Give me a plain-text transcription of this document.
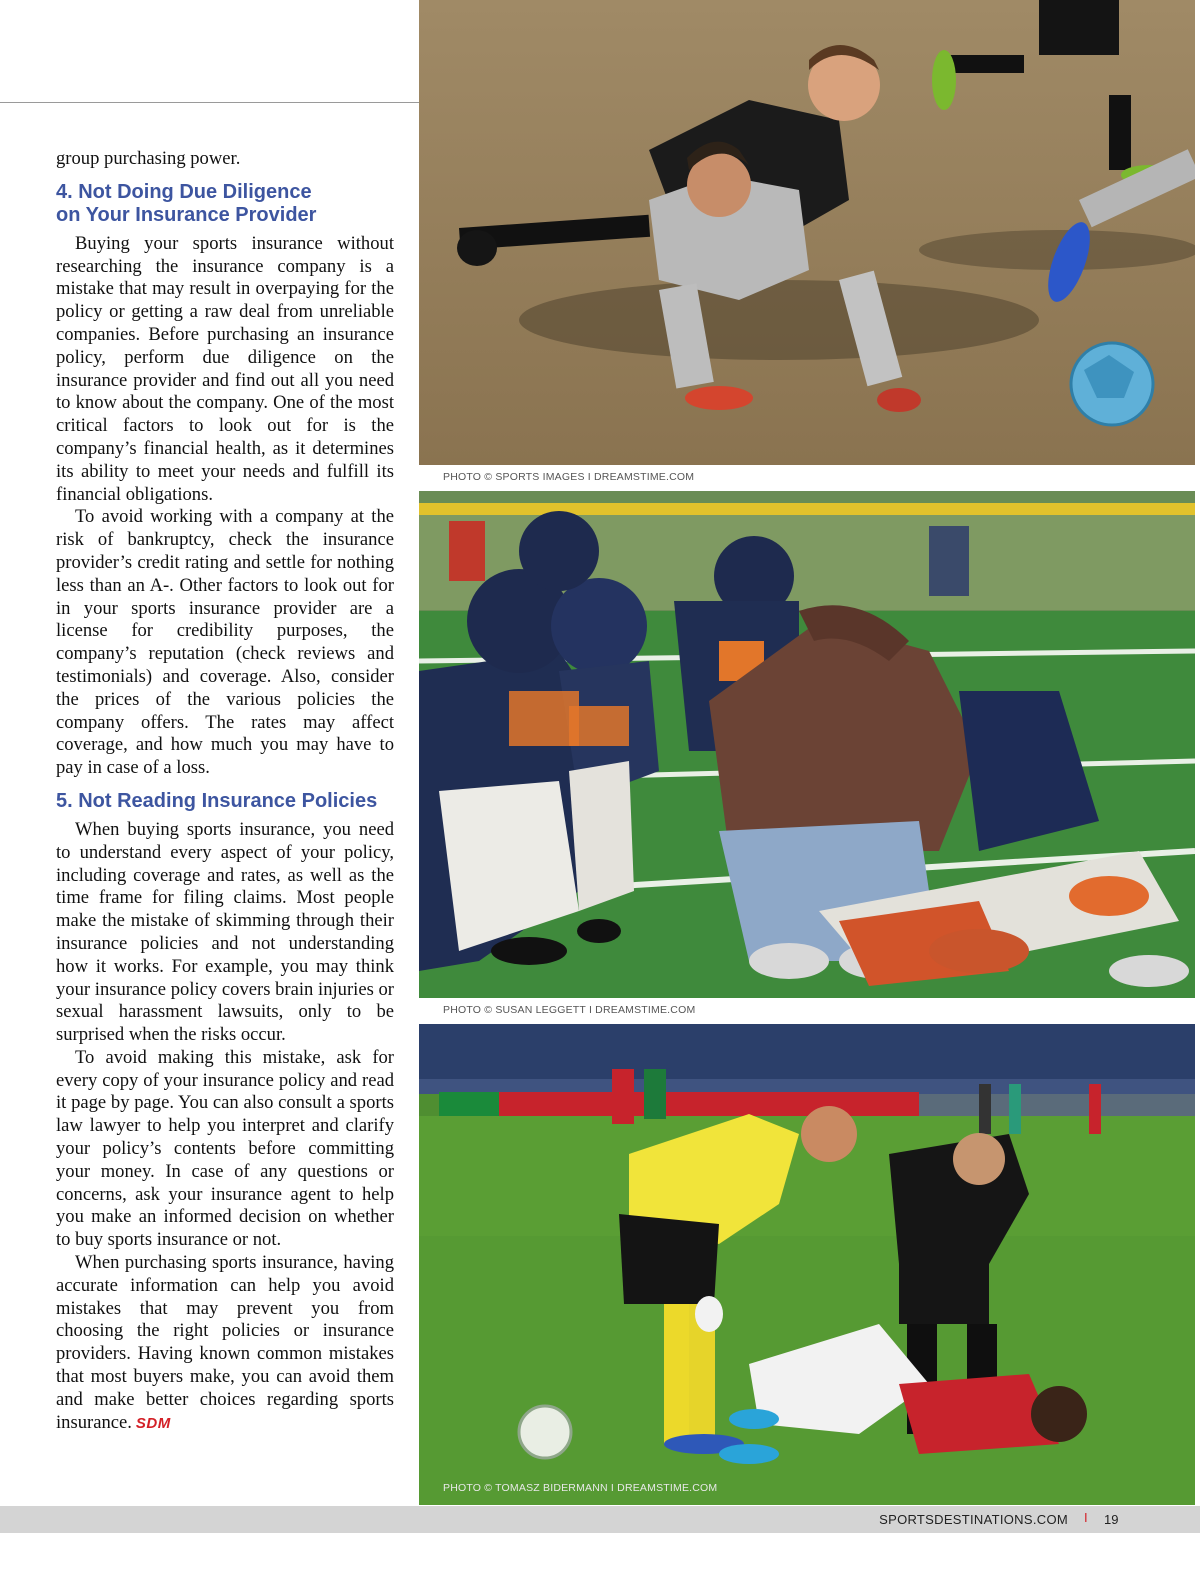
group purchasing power.

4. Not Doing Due Diligence
on Your Insurance Provider

Buying your sports insurance without researching the insurance company is a mistake that may result in overpaying for the policy or getting a raw deal from unreliable companies. Before purchasing an insurance policy, perform due diligence on the insurance provider and find out all you need to know about the company. One of the most critical factors to look out for is the company’s financial health, as it determines its ability to meet your needs and fulfill its financial obligations.

To avoid working with a company at the risk of bankruptcy, check the insurance provider’s credit rating and settle for nothing less than an A-. Other factors to look out for in your sports insurance provider are a license for credibility purposes, the company’s reputation (check reviews and testimonials) and coverage. Also, consider the prices of the various policies the company offers. The rates may affect coverage, and how much you may have to pay in case of a loss.

5. Not Reading Insurance Policies

When buying sports insurance, you need to understand every aspect of your policy, including coverage and rates, as well as the time frame for filing claims. Most people make the mistake of skimming through their insurance policies and not understanding how it works. For example, you may think your insurance policy covers brain injuries or sexual harassment lawsuits, only to be surprised when the risks occur.

To avoid making this mistake, ask for every copy of your insurance policy and read it page by page. You can also consult a sports law lawyer to help you interpret and clarify your policy’s contents before committing your money. In case of any questions or concerns, ask your insurance agent to help you make an informed decision on whether to buy sports insurance or not.

When purchasing sports insurance, having accurate information can help you avoid mistakes that may prevent you from choosing the right policies or insurance providers. Having known common mistakes that most buyers make, you can avoid them and make better choices regarding sports insurance. SDM

PHOTO © SPORTS IMAGES I DREAMSTIME.COM
PHOTO © SUSAN LEGGETT I DREAMSTIME.COM
PHOTO © TOMASZ BIDERMANN I DREAMSTIME.COM
SPORTSDESTINATIONS.COM I 19
